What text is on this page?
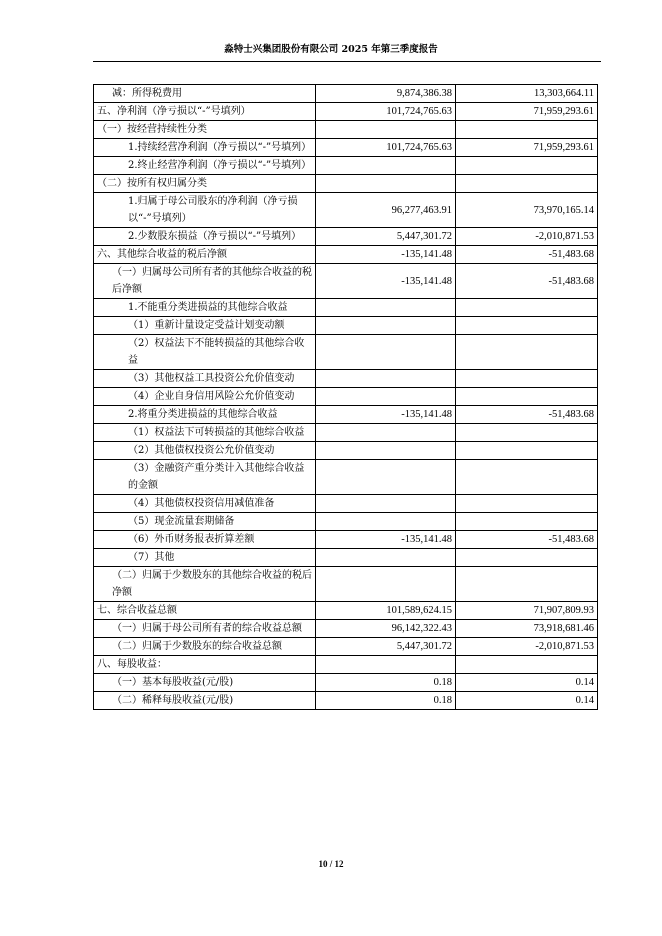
淼特士兴集团股份有限公司 2025 年第三季度报告
减：所得税费用	9,874,386.38	13,303,664.11
五、净利润（净亏损以“-”号填列）	101,724,765.63	71,959,293.61
（一）按经营持续性分类		
1.持续经营净利润（净亏损以“-”号填列）	101,724,765.63	71,959,293.61
2.终止经营净利润（净亏损以“-”号填列）		
（二）按所有权归属分类		
1.归属于母公司股东的净利润（净亏损以“-”号填列）	96,277,463.91	73,970,165.14
2.少数股东损益（净亏损以“-”号填列）	5,447,301.72	-2,010,871.53
六、其他综合收益的税后净额	-135,141.48	-51,483.68
（一）归属母公司所有者的其他综合收益的税后净额	-135,141.48	-51,483.68
1.不能重分类进损益的其他综合收益		
（1）重新计量设定受益计划变动额		
（2）权益法下不能转损益的其他综合收益		
（3）其他权益工具投资公允价值变动		
（4）企业自身信用风险公允价值变动		
2.将重分类进损益的其他综合收益	-135,141.48	-51,483.68
（1）权益法下可转损益的其他综合收益		
（2）其他债权投资公允价值变动		
（3）金融资产重分类计入其他综合收益的金额		
（4）其他债权投资信用减值准备		
（5）现金流量套期储备		
（6）外币财务报表折算差额	-135,141.48	-51,483.68
（7）其他		
（二）归属于少数股东的其他综合收益的税后净额		
七、综合收益总额	101,589,624.15	71,907,809.93
（一）归属于母公司所有者的综合收益总额	96,142,322.43	73,918,681.46
（二）归属于少数股东的综合收益总额	5,447,301.72	-2,010,871.53
八、每股收益：		
（一）基本每股收益(元/股)	0.18	0.14
（二）稀释每股收益(元/股)	0.18	0.14
10 / 12
